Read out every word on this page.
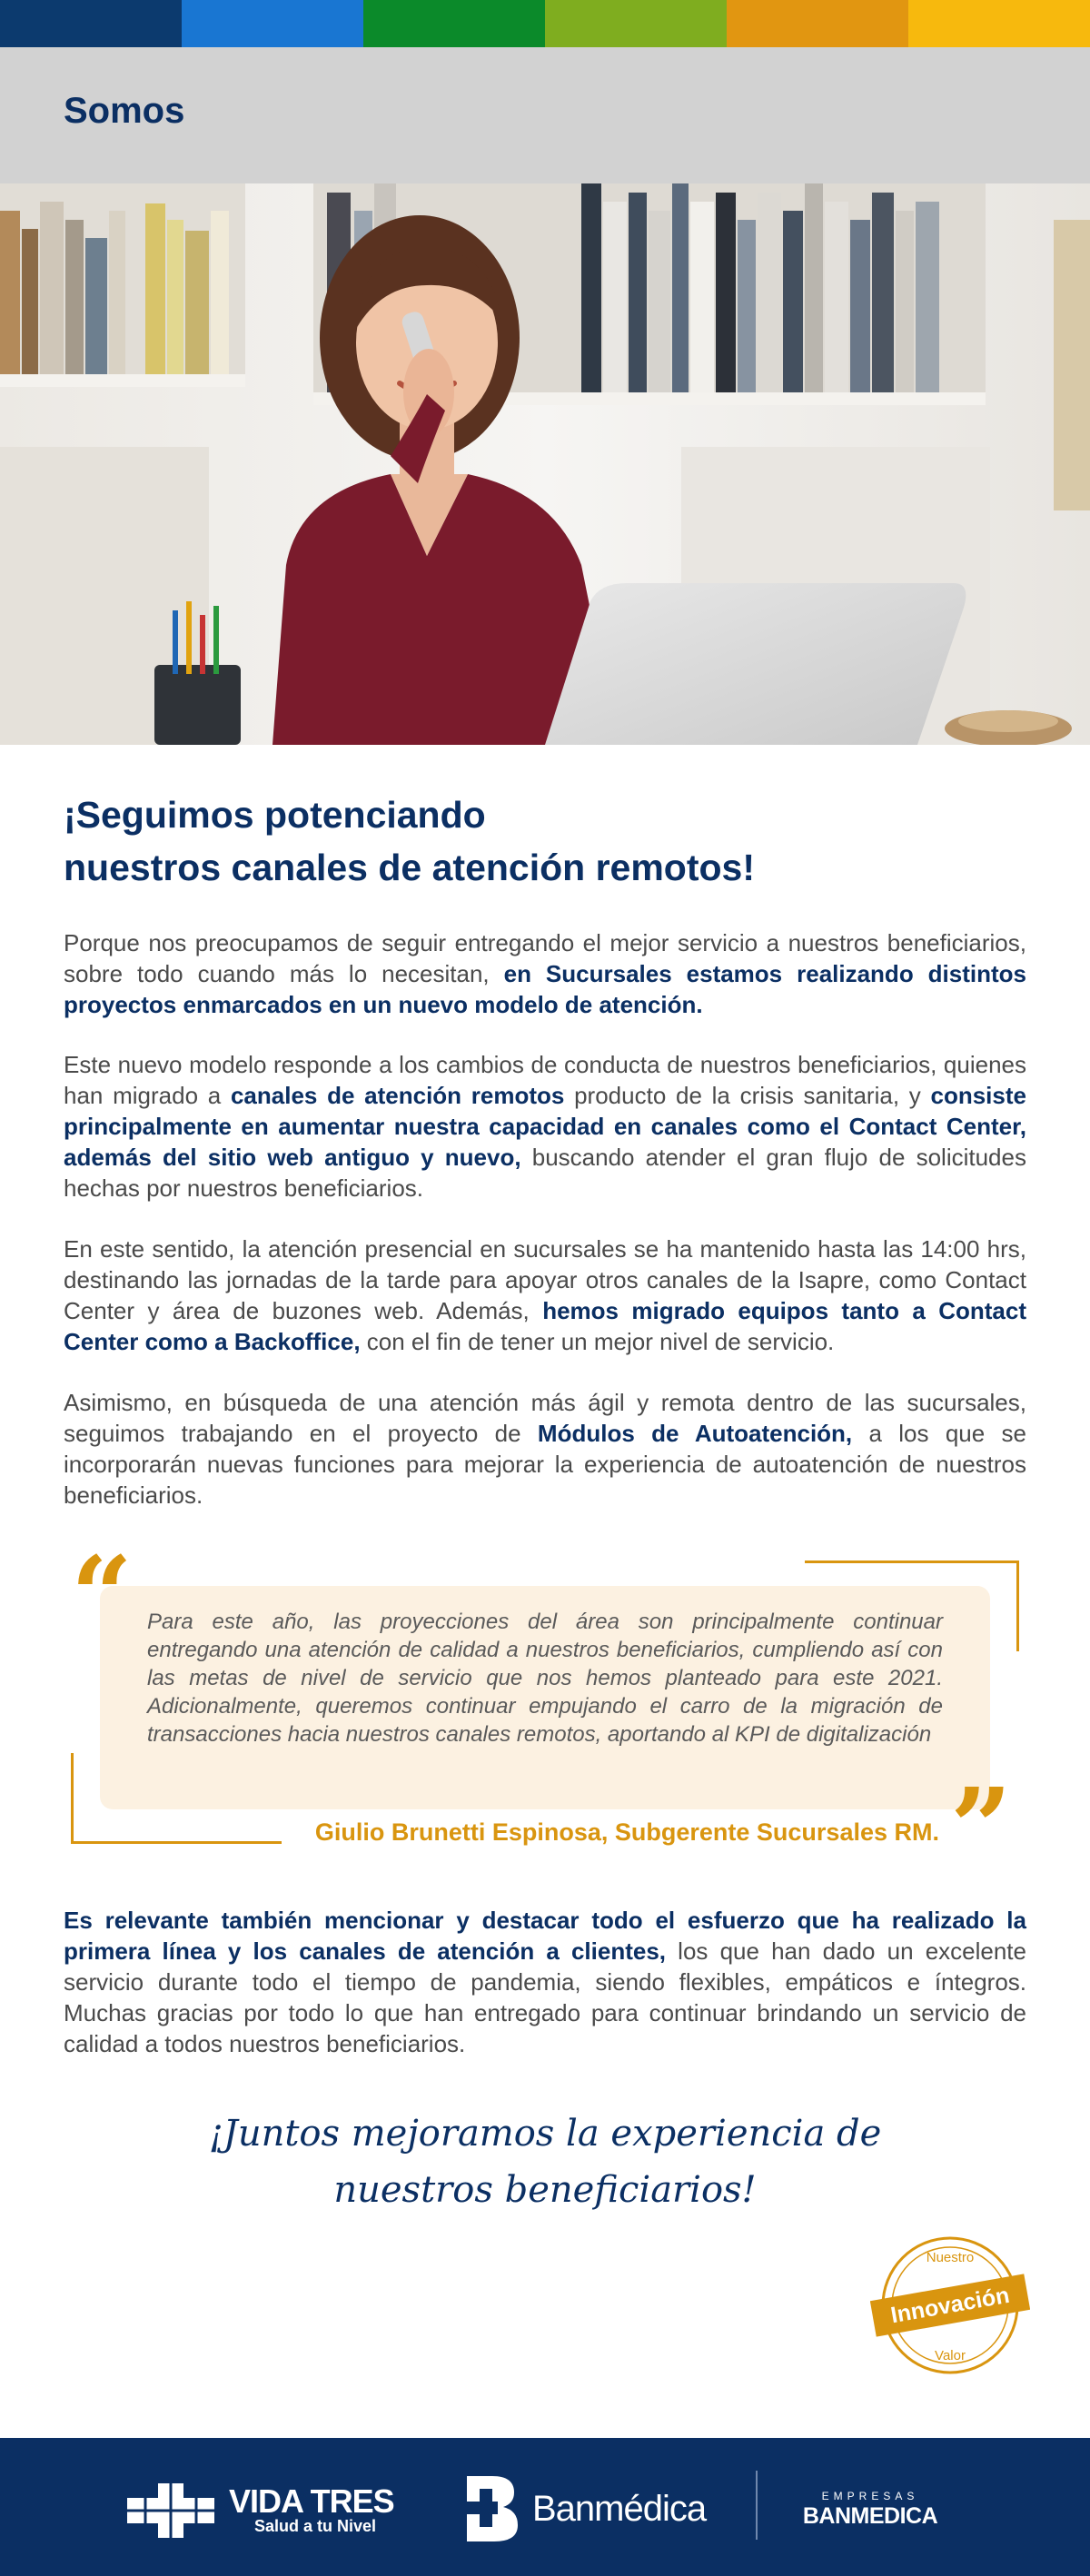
Somos
¡Seguimos potenciando
nuestros canales de atención remotos!

Porque nos preocupamos de seguir entregando el mejor servicio a nuestros beneficiarios, sobre todo cuando más lo necesitan, en Sucursales estamos realizando distintos proyectos enmarcados en un nuevo modelo de atención.

Este nuevo modelo responde a los cambios de conducta de nuestros beneficiarios, quienes han migrado a canales de atención remotos producto de la crisis sanitaria, y consiste principalmente en aumentar nuestra capacidad en canales como el Contact Center, además del sitio web antiguo y nuevo, buscando atender el gran flujo de solicitudes hechas por nuestros beneficiarios.

En este sentido, la atención presencial en sucursales se ha mantenido hasta las 14:00 hrs, destinando las jornadas de la tarde para apoyar otros canales de la Isapre, como Contact Center y área de buzones web. Además, hemos migrado equipos tanto a Contact Center como a Backoffice, con el fin de tener un mejor nivel de servicio.

Asimismo, en búsqueda de una atención más ágil y remota dentro de las sucursales, seguimos trabajando en el proyecto de Módulos de Autoatención, a los que se incorporarán nuevas funciones para mejorar la experiencia de autoatención de nuestros beneficiarios.

“ Para este año, las proyecciones del área son principalmente continuar entregando una atención de calidad a nuestros beneficiarios, cumpliendo así con las metas de nivel de servicio que nos hemos planteado para este 2021. Adicionalmente, queremos continuar empujando el carro de la migración de transacciones hacia nuestros canales remotos, aportando al KPI de digitalización
”
Giulio Brunetti Espinosa, Subgerente Sucursales RM.

Es relevante también mencionar y destacar todo el esfuerzo que ha realizado la primera línea y los canales de atención a clientes, los que han dado un excelente servicio durante todo el tiempo de pandemia, siendo flexibles, empáticos e íntegros. Muchas gracias por todo lo que han entregado para continuar brindando un servicio de calidad a todos nuestros beneficiarios.

¡Juntos mejoramos la experiencia de
nuestros beneficiarios!
Nuestro
Valor
Innovación
VIDA TRES
Salud a tu Nivel	Banmédica	EMPRESAS
BANMEDICA
